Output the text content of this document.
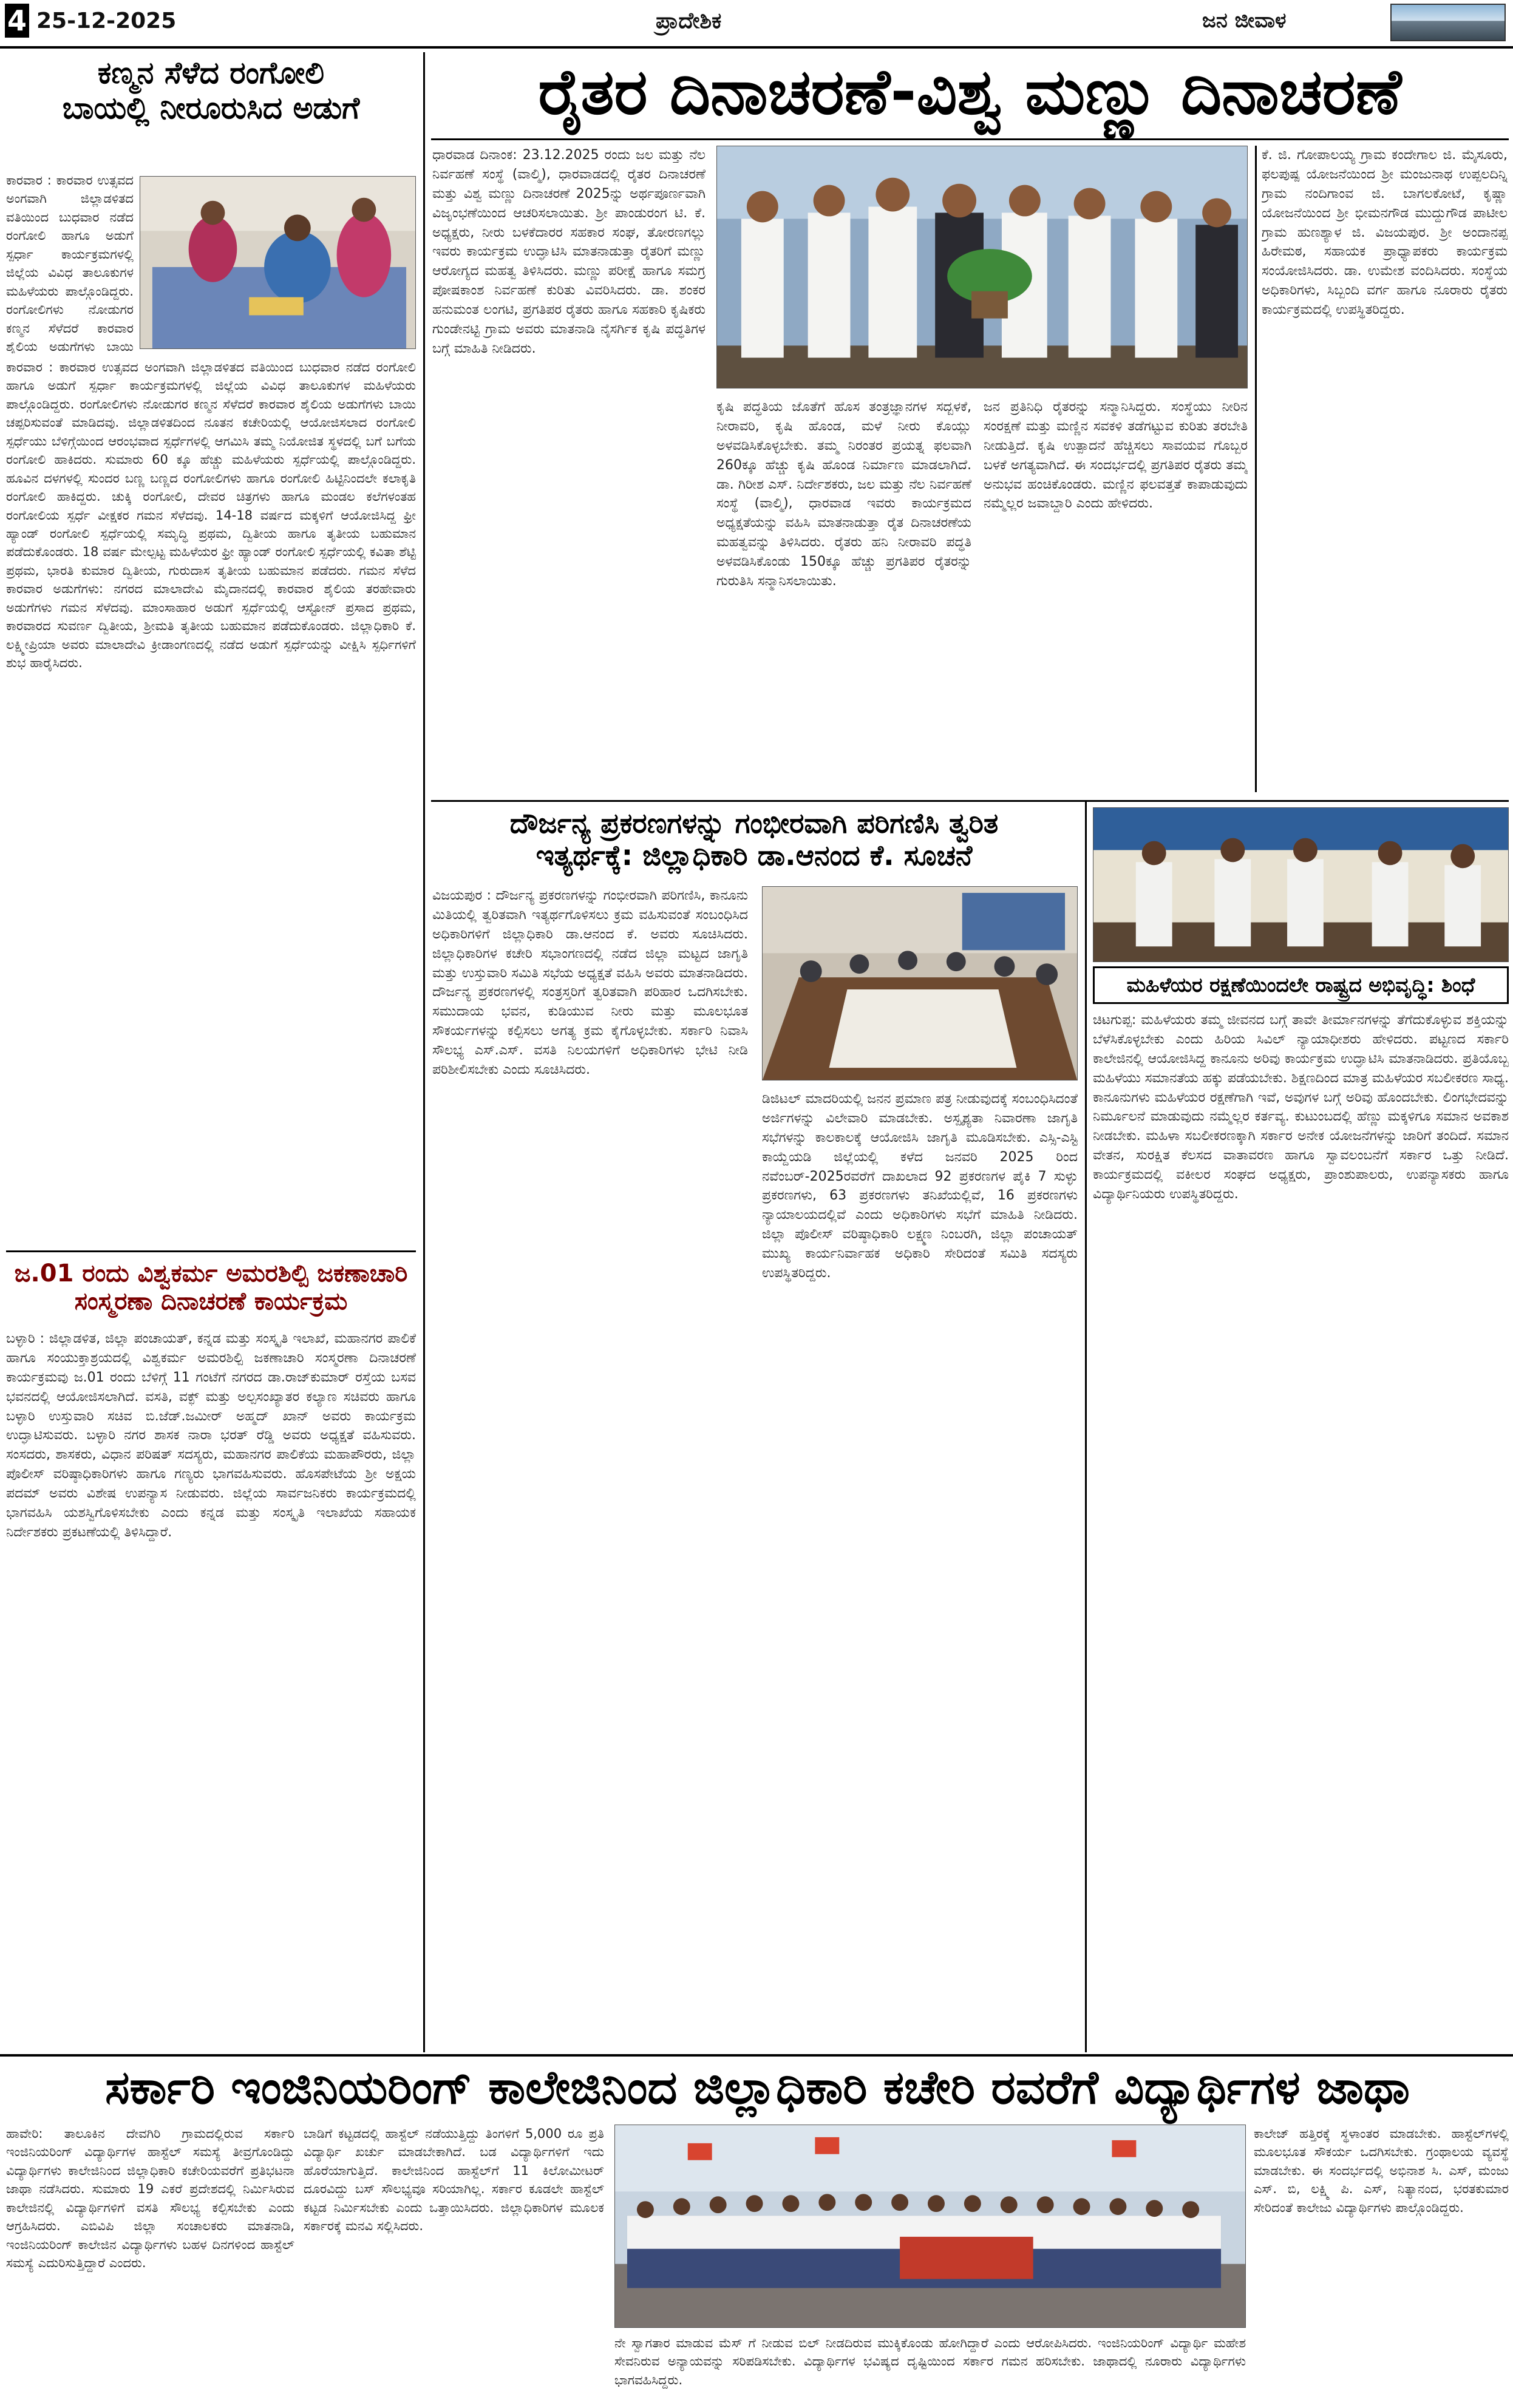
4 25-12-2025	ಪ್ರಾದೇಶಿಕ	ಜನ ಜೀವಾಳ
ಕಣ್ಮನ ಸೆಳೆದ ರಂಗೋಲಿ
ಬಾಯಲ್ಲಿ ನೀರೂರುಸಿದ ಅಡುಗೆ
ಕಾರವಾರ : ಕಾರವಾರ ಉತ್ಸವದ ಅಂಗವಾಗಿ ಜಿಲ್ಲಾಡಳಿತದ ವತಿಯಿಂದ ಬುಧವಾರ ನಡೆದ ರಂಗೋಲಿ ಹಾಗೂ ಅಡುಗೆ ಸ್ಪರ್ಧಾ ಕಾರ್ಯಕ್ರಮಗಳಲ್ಲಿ ಜಿಲ್ಲೆಯ ವಿವಿಧ ತಾಲೂಕುಗಳ ಮಹಿಳೆಯರು ಪಾಲ್ಗೊಂಡಿದ್ದರು. ರಂಗೋಲಿಗಳು ನೋಡುಗರ ಕಣ್ಮನ ಸೆಳೆದರೆ ಕಾರವಾರ ಶೈಲಿಯ ಅಡುಗೆಗಳು ಬಾಯಿ
ಕಾರವಾರ : ಕಾರವಾರ ಉತ್ಸವದ ಅಂಗವಾಗಿ ಜಿಲ್ಲಾಡಳಿತದ ವತಿಯಿಂದ ಬುಧವಾರ ನಡೆದ ರಂಗೋಲಿ ಹಾಗೂ ಅಡುಗೆ ಸ್ಪರ್ಧಾ ಕಾರ್ಯಕ್ರಮಗಳಲ್ಲಿ ಜಿಲ್ಲೆಯ ವಿವಿಧ ತಾಲೂಕುಗಳ ಮಹಿಳೆಯರು ಪಾಲ್ಗೊಂಡಿದ್ದರು. ರಂಗೋಲಿಗಳು ನೋಡುಗರ ಕಣ್ಮನ ಸೆಳೆದರೆ ಕಾರವಾರ ಶೈಲಿಯ ಅಡುಗೆಗಳು ಬಾಯಿ ಚಪ್ಪರಿಸುವಂತೆ ಮಾಡಿದವು. ಜಿಲ್ಲಾಡಳಿತದಿಂದ ನೂತನ ಕಚೇರಿಯಲ್ಲಿ ಆಯೋಜಿಸಲಾದ ರಂಗೋಲಿ ಸ್ಪರ್ಧೆಯು ಬೆಳಿಗ್ಗೆಯಿಂದ ಆರಂಭವಾದ ಸ್ಪರ್ಧೆಗಳಲ್ಲಿ ಆಗಮಿಸಿ ತಮ್ಮ ನಿಯೋಜಿತ ಸ್ಥಳದಲ್ಲಿ ಬಗೆ ಬಗೆಯ ರಂಗೋಲಿ ಹಾಕಿದರು. ಸುಮಾರು 60 ಕ್ಕೂ ಹೆಚ್ಚು ಮಹಿಳೆಯರು ಸ್ಪರ್ಧೆಯಲ್ಲಿ ಪಾಲ್ಗೊಂಡಿದ್ದರು. ಹೂವಿನ ದಳಗಳಲ್ಲಿ ಸುಂದರ ಬಣ್ಣ ಬಣ್ಣದ ರಂಗೋಲಿಗಳು ಹಾಗೂ ರಂಗೋಲಿ ಹಿಟ್ಟಿನಿಂದಲೇ ಕಲಾಕೃತಿ ರಂಗೋಲಿ ಹಾಕಿದ್ದರು. ಚುಕ್ಕಿ ರಂಗೋಲಿ, ದೇವರ ಚಿತ್ರಗಳು ಹಾಗೂ ಮಂಡಲ ಕಲೆಗಳಂತಹ ರಂಗೋಲಿಯ ಸ್ಪರ್ಧೆ ವೀಕ್ಷಕರ ಗಮನ ಸೆಳೆದವು. 14-18 ವರ್ಷದ ಮಕ್ಕಳಿಗೆ ಆಯೋಜಿಸಿದ್ದ ಫ್ರೀ ಹ್ಯಾಂಡ್ ರಂಗೋಲಿ ಸ್ಪರ್ಧೆಯಲ್ಲಿ ಸಮೃದ್ಧಿ ಪ್ರಥಮ, ದ್ವಿತೀಯ ಹಾಗೂ ತೃತೀಯ ಬಹುಮಾನ ಪಡೆದುಕೊಂಡರು. 18 ವರ್ಷ ಮೇಲ್ಪಟ್ಟ ಮಹಿಳೆಯರ ಫ್ರೀ ಹ್ಯಾಂಡ್ ರಂಗೋಲಿ ಸ್ಪರ್ಧೆಯಲ್ಲಿ ಕವಿತಾ ಶೆಟ್ಟಿ ಪ್ರಥಮ, ಭಾರತಿ ಕುಮಾರ ದ್ವಿತೀಯ, ಗುರುದಾಸ ತೃತೀಯ ಬಹುಮಾನ ಪಡೆದರು. ಗಮನ ಸೆಳೆದ ಕಾರವಾರ ಅಡುಗೆಗಳು: ನಗರದ ಮಾಲಾದೇವಿ ಮೈದಾನದಲ್ಲಿ ಕಾರವಾರ ಶೈಲಿಯ ತರಹೇವಾರು ಅಡುಗೆಗಳು ಗಮನ ಸೆಳೆದವು. ಮಾಂಸಾಹಾರ ಅಡುಗೆ ಸ್ಪರ್ಧೆಯಲ್ಲಿ ಆಸ್ಟೋನ್ ಪ್ರಸಾದ ಪ್ರಥಮ, ಕಾರವಾರದ ಸುವರ್ಣ ದ್ವಿತೀಯ, ಶ್ರೀಮತಿ ತೃತೀಯ ಬಹುಮಾನ ಪಡೆದುಕೊಂಡರು. ಜಿಲ್ಲಾಧಿಕಾರಿ ಕೆ. ಲಕ್ಷ್ಮೀಪ್ರಿಯಾ ಅವರು ಮಾಲಾದೇವಿ ಕ್ರೀಡಾಂಗಣದಲ್ಲಿ ನಡೆದ ಅಡುಗೆ ಸ್ಪರ್ಧೆಯನ್ನು ವೀಕ್ಷಿಸಿ ಸ್ಪರ್ಧಿಗಳಿಗೆ ಶುಭ ಹಾರೈಸಿದರು.
ಜ.01 ರಂದು ವಿಶ್ವಕರ್ಮ ಅಮರಶಿಲ್ಪಿ ಜಕಣಾಚಾರಿ
ಸಂಸ್ಮರಣಾ ದಿನಾಚರಣೆ ಕಾರ್ಯಕ್ರಮ
ಬಳ್ಳಾರಿ : ಜಿಲ್ಲಾಡಳಿತ, ಜಿಲ್ಲಾ ಪಂಚಾಯತ್, ಕನ್ನಡ ಮತ್ತು ಸಂಸ್ಕೃತಿ ಇಲಾಖೆ, ಮಹಾನಗರ ಪಾಲಿಕೆ ಹಾಗೂ ಸಂಯುಕ್ತಾಶ್ರಯದಲ್ಲಿ ವಿಶ್ವಕರ್ಮ ಅಮರಶಿಲ್ಪಿ ಜಕಣಾಚಾರಿ ಸಂಸ್ಮರಣಾ ದಿನಾಚರಣೆ ಕಾರ್ಯಕ್ರಮವು ಜ.01 ರಂದು ಬೆಳಿಗ್ಗೆ 11 ಗಂಟೆಗೆ ನಗರದ ಡಾ.ರಾಜ್‌ಕುಮಾರ್ ರಸ್ತೆಯ ಬಸವ ಭವನದಲ್ಲಿ ಆಯೋಜಿಸಲಾಗಿದೆ. ವಸತಿ, ವಕ್ಫ್ ಮತ್ತು ಅಲ್ಪಸಂಖ್ಯಾತರ ಕಲ್ಯಾಣ ಸಚಿವರು ಹಾಗೂ ಬಳ್ಳಾರಿ ಉಸ್ತುವಾರಿ ಸಚಿವ ಬಿ.ಜೆಡ್.ಜಮೀರ್ ಅಹ್ಮದ್ ಖಾನ್ ಅವರು ಕಾರ್ಯಕ್ರಮ ಉದ್ಘಾಟಿಸುವರು. ಬಳ್ಳಾರಿ ನಗರ ಶಾಸಕ ನಾರಾ ಭರತ್ ರೆಡ್ಡಿ ಅವರು ಅಧ್ಯಕ್ಷತೆ ವಹಿಸುವರು. ಸಂಸದರು, ಶಾಸಕರು, ವಿಧಾನ ಪರಿಷತ್ ಸದಸ್ಯರು, ಮಹಾನಗರ ಪಾಲಿಕೆಯ ಮಹಾಪೌರರು, ಜಿಲ್ಲಾ ಪೊಲೀಸ್ ವರಿಷ್ಠಾಧಿಕಾರಿಗಳು ಹಾಗೂ ಗಣ್ಯರು ಭಾಗವಹಿಸುವರು. ಹೊಸಪೇಟೆಯ ಶ್ರೀ ಅಕ್ಷಯ ಪದಮ್ ಅವರು ವಿಶೇಷ ಉಪನ್ಯಾಸ ನೀಡುವರು. ಜಿಲ್ಲೆಯ ಸಾರ್ವಜನಿಕರು ಕಾರ್ಯಕ್ರಮದಲ್ಲಿ ಭಾಗವಹಿಸಿ ಯಶಸ್ವಿಗೊಳಿಸಬೇಕು ಎಂದು ಕನ್ನಡ ಮತ್ತು ಸಂಸ್ಕೃತಿ ಇಲಾಖೆಯ ಸಹಾಯಕ ನಿರ್ದೇಶಕರು ಪ್ರಕಟಣೆಯಲ್ಲಿ ತಿಳಿಸಿದ್ದಾರೆ.
ರೈತರ ದಿನಾಚರಣೆ-ವಿಶ್ವ ಮಣ್ಣು ದಿನಾಚರಣೆ
ಧಾರವಾಡ ದಿನಾಂಕ: 23.12.2025 ರಂದು ಜಲ ಮತ್ತು ನೆಲ ನಿರ್ವಹಣೆ ಸಂಸ್ಥೆ (ವಾಲ್ಮಿ), ಧಾರವಾಡದಲ್ಲಿ ರೈತರ ದಿನಾಚರಣೆ ಮತ್ತು ವಿಶ್ವ ಮಣ್ಣು ದಿನಾಚರಣೆ 2025ನ್ನು ಅರ್ಥಪೂರ್ಣವಾಗಿ ವಿಜೃಂಭಣೆಯಿಂದ ಆಚರಿಸಲಾಯಿತು. ಶ್ರೀ ಪಾಂಡುರಂಗ ಟಿ. ಕೆ. ಅಧ್ಯಕ್ಷರು, ನೀರು ಬಳಕೆದಾರರ ಸಹಕಾರ ಸಂಘ, ತೋರಣಗಲ್ಲು ಇವರು ಕಾರ್ಯಕ್ರಮ ಉದ್ಘಾಟಿಸಿ ಮಾತನಾಡುತ್ತಾ ರೈತರಿಗೆ ಮಣ್ಣು ಆರೋಗ್ಯದ ಮಹತ್ವ ತಿಳಿಸಿದರು. ಮಣ್ಣು ಪರೀಕ್ಷೆ ಹಾಗೂ ಸಮಗ್ರ ಪೋಷಕಾಂಶ ನಿರ್ವಹಣೆ ಕುರಿತು ವಿವರಿಸಿದರು. ಡಾ. ಶಂಕರ ಹನುಮಂತ ಲಂಗಟಿ, ಪ್ರಗತಿಪರ ರೈತರು ಹಾಗೂ ಸಹಕಾರಿ ಕೃಷಿಕರು ಗುಂಡೇನಟ್ಟಿ ಗ್ರಾಮ ಅವರು ಮಾತನಾಡಿ ನೈಸರ್ಗಿಕ ಕೃಷಿ ಪದ್ಧತಿಗಳ ಬಗ್ಗೆ ಮಾಹಿತಿ ನೀಡಿದರು.
ಕೃಷಿ ಪದ್ಧತಿಯ ಜೊತೆಗೆ ಹೊಸ ತಂತ್ರಜ್ಞಾನಗಳ ಸದ್ಬಳಕೆ, ನೀರಾವರಿ, ಕೃಷಿ ಹೊಂಡ, ಮಳೆ ನೀರು ಕೊಯ್ಲು ಅಳವಡಿಸಿಕೊಳ್ಳಬೇಕು. ತಮ್ಮ ನಿರಂತರ ಪ್ರಯತ್ನ ಫಲವಾಗಿ 260ಕ್ಕೂ ಹೆಚ್ಚು ಕೃಷಿ ಹೊಂಡ ನಿರ್ಮಾಣ ಮಾಡಲಾಗಿದೆ. ಡಾ. ಗಿರೀಶ ಎಸ್. ನಿರ್ದೇಶಕರು, ಜಲ ಮತ್ತು ನೆಲ ನಿರ್ವಹಣೆ ಸಂಸ್ಥೆ (ವಾಲ್ಮಿ), ಧಾರವಾಡ ಇವರು ಕಾರ್ಯಕ್ರಮದ ಅಧ್ಯಕ್ಷತೆಯನ್ನು ವಹಿಸಿ ಮಾತನಾಡುತ್ತಾ ರೈತ ದಿನಾಚರಣೆಯ ಮಹತ್ವವನ್ನು ತಿಳಿಸಿದರು. ರೈತರು ಹನಿ ನೀರಾವರಿ ಪದ್ಧತಿ ಅಳವಡಿಸಿಕೊಂಡು 150ಕ್ಕೂ ಹೆಚ್ಚು ಪ್ರಗತಿಪರ ರೈತರನ್ನು ಗುರುತಿಸಿ ಸನ್ಮಾನಿಸಲಾಯಿತು.
ಜನ ಪ್ರತಿನಿಧಿ ರೈತರನ್ನು ಸನ್ಮಾನಿಸಿದ್ದರು. ಸಂಸ್ಥೆಯು ನೀರಿನ ಸಂರಕ್ಷಣೆ ಮತ್ತು ಮಣ್ಣಿನ ಸವಕಳಿ ತಡೆಗಟ್ಟುವ ಕುರಿತು ತರಬೇತಿ ನೀಡುತ್ತಿದೆ. ಕೃಷಿ ಉತ್ಪಾದನೆ ಹೆಚ್ಚಿಸಲು ಸಾವಯವ ಗೊಬ್ಬರ ಬಳಕೆ ಅಗತ್ಯವಾಗಿದೆ. ಈ ಸಂದರ್ಭದಲ್ಲಿ ಪ್ರಗತಿಪರ ರೈತರು ತಮ್ಮ ಅನುಭವ ಹಂಚಿಕೊಂಡರು. ಮಣ್ಣಿನ ಫಲವತ್ತತೆ ಕಾಪಾಡುವುದು ನಮ್ಮೆಲ್ಲರ ಜವಾಬ್ದಾರಿ ಎಂದು ಹೇಳಿದರು.
ಕೆ. ಜಿ. ಗೋಪಾಲಯ್ಯ ಗ್ರಾಮ ಕಂದೇಗಾಲ ಜಿ. ಮೈಸೂರು, ಫಲಪುಷ್ಪ ಯೋಜನೆಯಿಂದ ಶ್ರೀ ಮಂಜುನಾಥ ಉಪ್ಪಲದಿನ್ನಿ ಗ್ರಾಮ ನಂದಿಗಾಂವ ಜಿ. ಬಾಗಲಕೋಟೆ, ಕೃಷ್ಣಾ ಯೋಜನೆಯಿಂದ ಶ್ರೀ ಭೀಮನಗೌಡ ಮುದ್ದುಗೌಡ ಪಾಟೀಲ ಗ್ರಾಮ ಹುಣಶ್ಯಾಳ ಜಿ. ವಿಜಯಪುರ. ಶ್ರೀ ಅಂದಾನಪ್ಪ ಹಿರೇಮಠ, ಸಹಾಯಕ ಪ್ರಾಧ್ಯಾಪಕರು ಕಾರ್ಯಕ್ರಮ ಸಂಯೋಜಿಸಿದರು. ಡಾ. ಉಮೇಶ ವಂದಿಸಿದರು. ಸಂಸ್ಥೆಯ ಅಧಿಕಾರಿಗಳು, ಸಿಬ್ಬಂದಿ ವರ್ಗ ಹಾಗೂ ನೂರಾರು ರೈತರು ಕಾರ್ಯಕ್ರಮದಲ್ಲಿ ಉಪಸ್ಥಿತರಿದ್ದರು.
ದೌರ್ಜನ್ಯ ಪ್ರಕರಣಗಳನ್ನು ಗಂಭೀರವಾಗಿ ಪರಿಗಣಿಸಿ ತ್ವರಿತ
ಇತ್ಯರ್ಥಕ್ಕೆ: ಜಿಲ್ಲಾಧಿಕಾರಿ ಡಾ.ಆನಂದ ಕೆ. ಸೂಚನೆ
ವಿಜಯಪುರ : ದೌರ್ಜನ್ಯ ಪ್ರಕರಣಗಳನ್ನು ಗಂಭೀರವಾಗಿ ಪರಿಗಣಿಸಿ, ಕಾನೂನು ಮಿತಿಯಲ್ಲಿ ತ್ವರಿತವಾಗಿ ಇತ್ಯರ್ಥಗೊಳಿಸಲು ಕ್ರಮ ವಹಿಸುವಂತೆ ಸಂಬಂಧಿಸಿದ ಅಧಿಕಾರಿಗಳಿಗೆ ಜಿಲ್ಲಾಧಿಕಾರಿ ಡಾ.ಆನಂದ ಕೆ. ಅವರು ಸೂಚಿಸಿದರು. ಜಿಲ್ಲಾಧಿಕಾರಿಗಳ ಕಚೇರಿ ಸಭಾಂಗಣದಲ್ಲಿ ನಡೆದ ಜಿಲ್ಲಾ ಮಟ್ಟದ ಜಾಗೃತಿ ಮತ್ತು ಉಸ್ತುವಾರಿ ಸಮಿತಿ ಸಭೆಯ ಅಧ್ಯಕ್ಷತೆ ವಹಿಸಿ ಅವರು ಮಾತನಾಡಿದರು. ದೌರ್ಜನ್ಯ ಪ್ರಕರಣಗಳಲ್ಲಿ ಸಂತ್ರಸ್ತರಿಗೆ ತ್ವರಿತವಾಗಿ ಪರಿಹಾರ ಒದಗಿಸಬೇಕು. ಸಮುದಾಯ ಭವನ, ಕುಡಿಯುವ ನೀರು ಮತ್ತು ಮೂಲಭೂತ ಸೌಕರ್ಯಗಳನ್ನು ಕಲ್ಪಿಸಲು ಅಗತ್ಯ ಕ್ರಮ ಕೈಗೊಳ್ಳಬೇಕು. ಸರ್ಕಾರಿ ನಿವಾಸಿ ಸೌಲಭ್ಯ ಎಸ್.ಎಸ್. ವಸತಿ ನಿಲಯಗಳಿಗೆ ಅಧಿಕಾರಿಗಳು ಭೇಟಿ ನೀಡಿ ಪರಿಶೀಲಿಸಬೇಕು ಎಂದು ಸೂಚಿಸಿದರು.
ಡಿಜಿಟಲ್ ಮಾದರಿಯಲ್ಲಿ ಜನನ ಪ್ರಮಾಣ ಪತ್ರ ನೀಡುವುದಕ್ಕೆ ಸಂಬಂಧಿಸಿದಂತೆ ಅರ್ಜಿಗಳನ್ನು ವಿಲೇವಾರಿ ಮಾಡಬೇಕು. ಅಸ್ಪೃಶ್ಯತಾ ನಿವಾರಣಾ ಜಾಗೃತಿ ಸಭೆಗಳನ್ನು ಕಾಲಕಾಲಕ್ಕೆ ಆಯೋಜಿಸಿ ಜಾಗೃತಿ ಮೂಡಿಸಬೇಕು. ಎಸ್ಸಿ-ಎಸ್ಟಿ ಕಾಯ್ದೆಯಡಿ ಜಿಲ್ಲೆಯಲ್ಲಿ ಕಳೆದ ಜನವರಿ 2025 ರಿಂದ ನವೆಂಬರ್-2025ರವರೆಗೆ ದಾಖಲಾದ 92 ಪ್ರಕರಣಗಳ ಪೈಕಿ 7 ಸುಳ್ಳು ಪ್ರಕರಣಗಳು, 63 ಪ್ರಕರಣಗಳು ತನಿಖೆಯಲ್ಲಿವೆ, 16 ಪ್ರಕರಣಗಳು ನ್ಯಾಯಾಲಯದಲ್ಲಿವೆ ಎಂದು ಅಧಿಕಾರಿಗಳು ಸಭೆಗೆ ಮಾಹಿತಿ ನೀಡಿದರು. ಜಿಲ್ಲಾ ಪೊಲೀಸ್ ವರಿಷ್ಠಾಧಿಕಾರಿ ಲಕ್ಷ್ಮಣ ನಿಂಬರಗಿ, ಜಿಲ್ಲಾ ಪಂಚಾಯತ್ ಮುಖ್ಯ ಕಾರ್ಯನಿರ್ವಾಹಕ ಅಧಿಕಾರಿ ಸೇರಿದಂತೆ ಸಮಿತಿ ಸದಸ್ಯರು ಉಪಸ್ಥಿತರಿದ್ದರು.
ಮಹಿಳೆಯರ ರಕ್ಷಣೆಯಿಂದಲೇ ರಾಷ್ಟ್ರದ ಅಭಿವೃದ್ಧಿ: ಶಿಂಧೆ
ಚಿಟಗುಪ್ಪ: ಮಹಿಳೆಯರು ತಮ್ಮ ಜೀವನದ ಬಗ್ಗೆ ತಾವೇ ತೀರ್ಮಾನಗಳನ್ನು ತೆಗೆದುಕೊಳ್ಳುವ ಶಕ್ತಿಯನ್ನು ಬೆಳೆಸಿಕೊಳ್ಳಬೇಕು ಎಂದು ಹಿರಿಯ ಸಿವಿಲ್ ನ್ಯಾಯಾಧೀಶರು ಹೇಳಿದರು. ಪಟ್ಟಣದ ಸರ್ಕಾರಿ ಕಾಲೇಜಿನಲ್ಲಿ ಆಯೋಜಿಸಿದ್ದ ಕಾನೂನು ಅರಿವು ಕಾರ್ಯಕ್ರಮ ಉದ್ಘಾಟಿಸಿ ಮಾತನಾಡಿದರು. ಪ್ರತಿಯೊಬ್ಬ ಮಹಿಳೆಯು ಸಮಾನತೆಯ ಹಕ್ಕು ಪಡೆಯಬೇಕು. ಶಿಕ್ಷಣದಿಂದ ಮಾತ್ರ ಮಹಿಳೆಯರ ಸಬಲೀಕರಣ ಸಾಧ್ಯ. ಕಾನೂನುಗಳು ಮಹಿಳೆಯರ ರಕ್ಷಣೆಗಾಗಿ ಇವೆ, ಅವುಗಳ ಬಗ್ಗೆ ಅರಿವು ಹೊಂದಬೇಕು. ಲಿಂಗಭೇದವನ್ನು ನಿರ್ಮೂಲನೆ ಮಾಡುವುದು ನಮ್ಮೆಲ್ಲರ ಕರ್ತವ್ಯ. ಕುಟುಂಬದಲ್ಲಿ ಹೆಣ್ಣು ಮಕ್ಕಳಿಗೂ ಸಮಾನ ಅವಕಾಶ ನೀಡಬೇಕು. ಮಹಿಳಾ ಸಬಲೀಕರಣಕ್ಕಾಗಿ ಸರ್ಕಾರ ಅನೇಕ ಯೋಜನೆಗಳನ್ನು ಜಾರಿಗೆ ತಂದಿದೆ. ಸಮಾನ ವೇತನ, ಸುರಕ್ಷಿತ ಕೆಲಸದ ವಾತಾವರಣ ಹಾಗೂ ಸ್ವಾವಲಂಬನೆಗೆ ಸರ್ಕಾರ ಒತ್ತು ನೀಡಿದೆ. ಕಾರ್ಯಕ್ರಮದಲ್ಲಿ ವಕೀಲರ ಸಂಘದ ಅಧ್ಯಕ್ಷರು, ಪ್ರಾಂಶುಪಾಲರು, ಉಪನ್ಯಾಸಕರು ಹಾಗೂ ವಿದ್ಯಾರ್ಥಿನಿಯರು ಉಪಸ್ಥಿತರಿದ್ದರು.
ಸರ್ಕಾರಿ ಇಂಜಿನಿಯರಿಂಗ್ ಕಾಲೇಜಿನಿಂದ ಜಿಲ್ಲಾಧಿಕಾರಿ ಕಚೇರಿ ರವರೆಗೆ ವಿದ್ಯಾರ್ಥಿಗಳ ಜಾಥಾ
ಹಾವೇರಿ: ತಾಲೂಕಿನ ದೇವಗಿರಿ ಗ್ರಾಮದಲ್ಲಿರುವ ಸರ್ಕಾರಿ ಇಂಜಿನಿಯರಿಂಗ್ ವಿದ್ಯಾರ್ಥಿಗಳ ಹಾಸ್ಟೆಲ್ ಸಮಸ್ಯೆ ತೀವ್ರಗೊಂಡಿದ್ದು ವಿದ್ಯಾರ್ಥಿಗಳು ಕಾಲೇಜಿನಿಂದ ಜಿಲ್ಲಾಧಿಕಾರಿ ಕಚೇರಿಯವರೆಗೆ ಪ್ರತಿಭಟನಾ ಜಾಥಾ ನಡೆಸಿದರು. ಸುಮಾರು 19 ಎಕರೆ ಪ್ರದೇಶದಲ್ಲಿ ನಿರ್ಮಿಸಿರುವ ಕಾಲೇಜಿನಲ್ಲಿ ವಿದ್ಯಾರ್ಥಿಗಳಿಗೆ ವಸತಿ ಸೌಲಭ್ಯ ಕಲ್ಪಿಸಬೇಕು ಎಂದು ಆಗ್ರಹಿಸಿದರು. ಎಬಿವಿಪಿ ಜಿಲ್ಲಾ ಸಂಚಾಲಕರು ಮಾತನಾಡಿ, ಇಂಜಿನಿಯರಿಂಗ್ ಕಾಲೇಜಿನ ವಿದ್ಯಾರ್ಥಿಗಳು ಬಹಳ ದಿನಗಳಿಂದ ಹಾಸ್ಟೆಲ್ ಸಮಸ್ಯೆ ಎದುರಿಸುತ್ತಿದ್ದಾರೆ ಎಂದರು.
ಬಾಡಿಗೆ ಕಟ್ಟಡದಲ್ಲಿ ಹಾಸ್ಟೆಲ್ ನಡೆಯುತ್ತಿದ್ದು ತಿಂಗಳಿಗೆ 5,000 ರೂ ಪ್ರತಿ ವಿದ್ಯಾರ್ಥಿ ಖರ್ಚು ಮಾಡಬೇಕಾಗಿದೆ. ಬಡ ವಿದ್ಯಾರ್ಥಿಗಳಿಗೆ ಇದು ಹೊರೆಯಾಗುತ್ತಿದೆ. ಕಾಲೇಜಿನಿಂದ ಹಾಸ್ಟೆಲ್‌ಗೆ 11 ಕಿಲೋಮೀಟರ್ ದೂರವಿದ್ದು ಬಸ್ ಸೌಲಭ್ಯವೂ ಸರಿಯಾಗಿಲ್ಲ. ಸರ್ಕಾರ ಕೂಡಲೇ ಹಾಸ್ಟೆಲ್ ಕಟ್ಟಡ ನಿರ್ಮಿಸಬೇಕು ಎಂದು ಒತ್ತಾಯಿಸಿದರು. ಜಿಲ್ಲಾಧಿಕಾರಿಗಳ ಮೂಲಕ ಸರ್ಕಾರಕ್ಕೆ ಮನವಿ ಸಲ್ಲಿಸಿದರು.
ನೇ ಸ್ವಾಗತಾರ ಮಾಡುವ ಮೆಸ್ ಗೆ ನೀಡುವ ಬಿಲ್ ನೀಡದಿರುವ ಮುಕ್ಕಿಕೊಂಡು ಹೋಗಿದ್ದಾರೆ ಎಂದು ಆರೋಪಿಸಿದರು. ಇಂಜಿನಿಯರಿಂಗ್ ವಿದ್ಯಾರ್ಥಿ ಮಹೇಶ ಸೇವನಿರುವ ಅನ್ಯಾಯವನ್ನು ಸರಿಪಡಿಸಬೇಕು. ವಿದ್ಯಾರ್ಥಿಗಳ ಭವಿಷ್ಯದ ದೃಷ್ಟಿಯಿಂದ ಸರ್ಕಾರ ಗಮನ ಹರಿಸಬೇಕು. ಜಾಥಾದಲ್ಲಿ ನೂರಾರು ವಿದ್ಯಾರ್ಥಿಗಳು ಭಾಗವಹಿಸಿದ್ದರು.
ಕಾಲೇಜ್ ಹತ್ತಿರಕ್ಕೆ ಸ್ಥಳಾಂತರ ಮಾಡಬೇಕು. ಹಾಸ್ಟೆಲ್‌ಗಳಲ್ಲಿ ಮೂಲಭೂತ ಸೌಕರ್ಯ ಒದಗಿಸಬೇಕು. ಗ್ರಂಥಾಲಯ ವ್ಯವಸ್ಥೆ ಮಾಡಬೇಕು. ಈ ಸಂದರ್ಭದಲ್ಲಿ ಅಭಿನಾಶ ಸಿ. ಎಸ್, ಮಂಜು ಎಸ್. ಬಿ, ಲಕ್ಷ್ಮಿ ಪಿ. ಎಸ್, ನಿತ್ಯಾನಂದ, ಭರತಕುಮಾರ ಸೇರಿದಂತೆ ಕಾಲೇಜು ವಿದ್ಯಾರ್ಥಿಗಳು ಪಾಲ್ಗೊಂಡಿದ್ದರು.
